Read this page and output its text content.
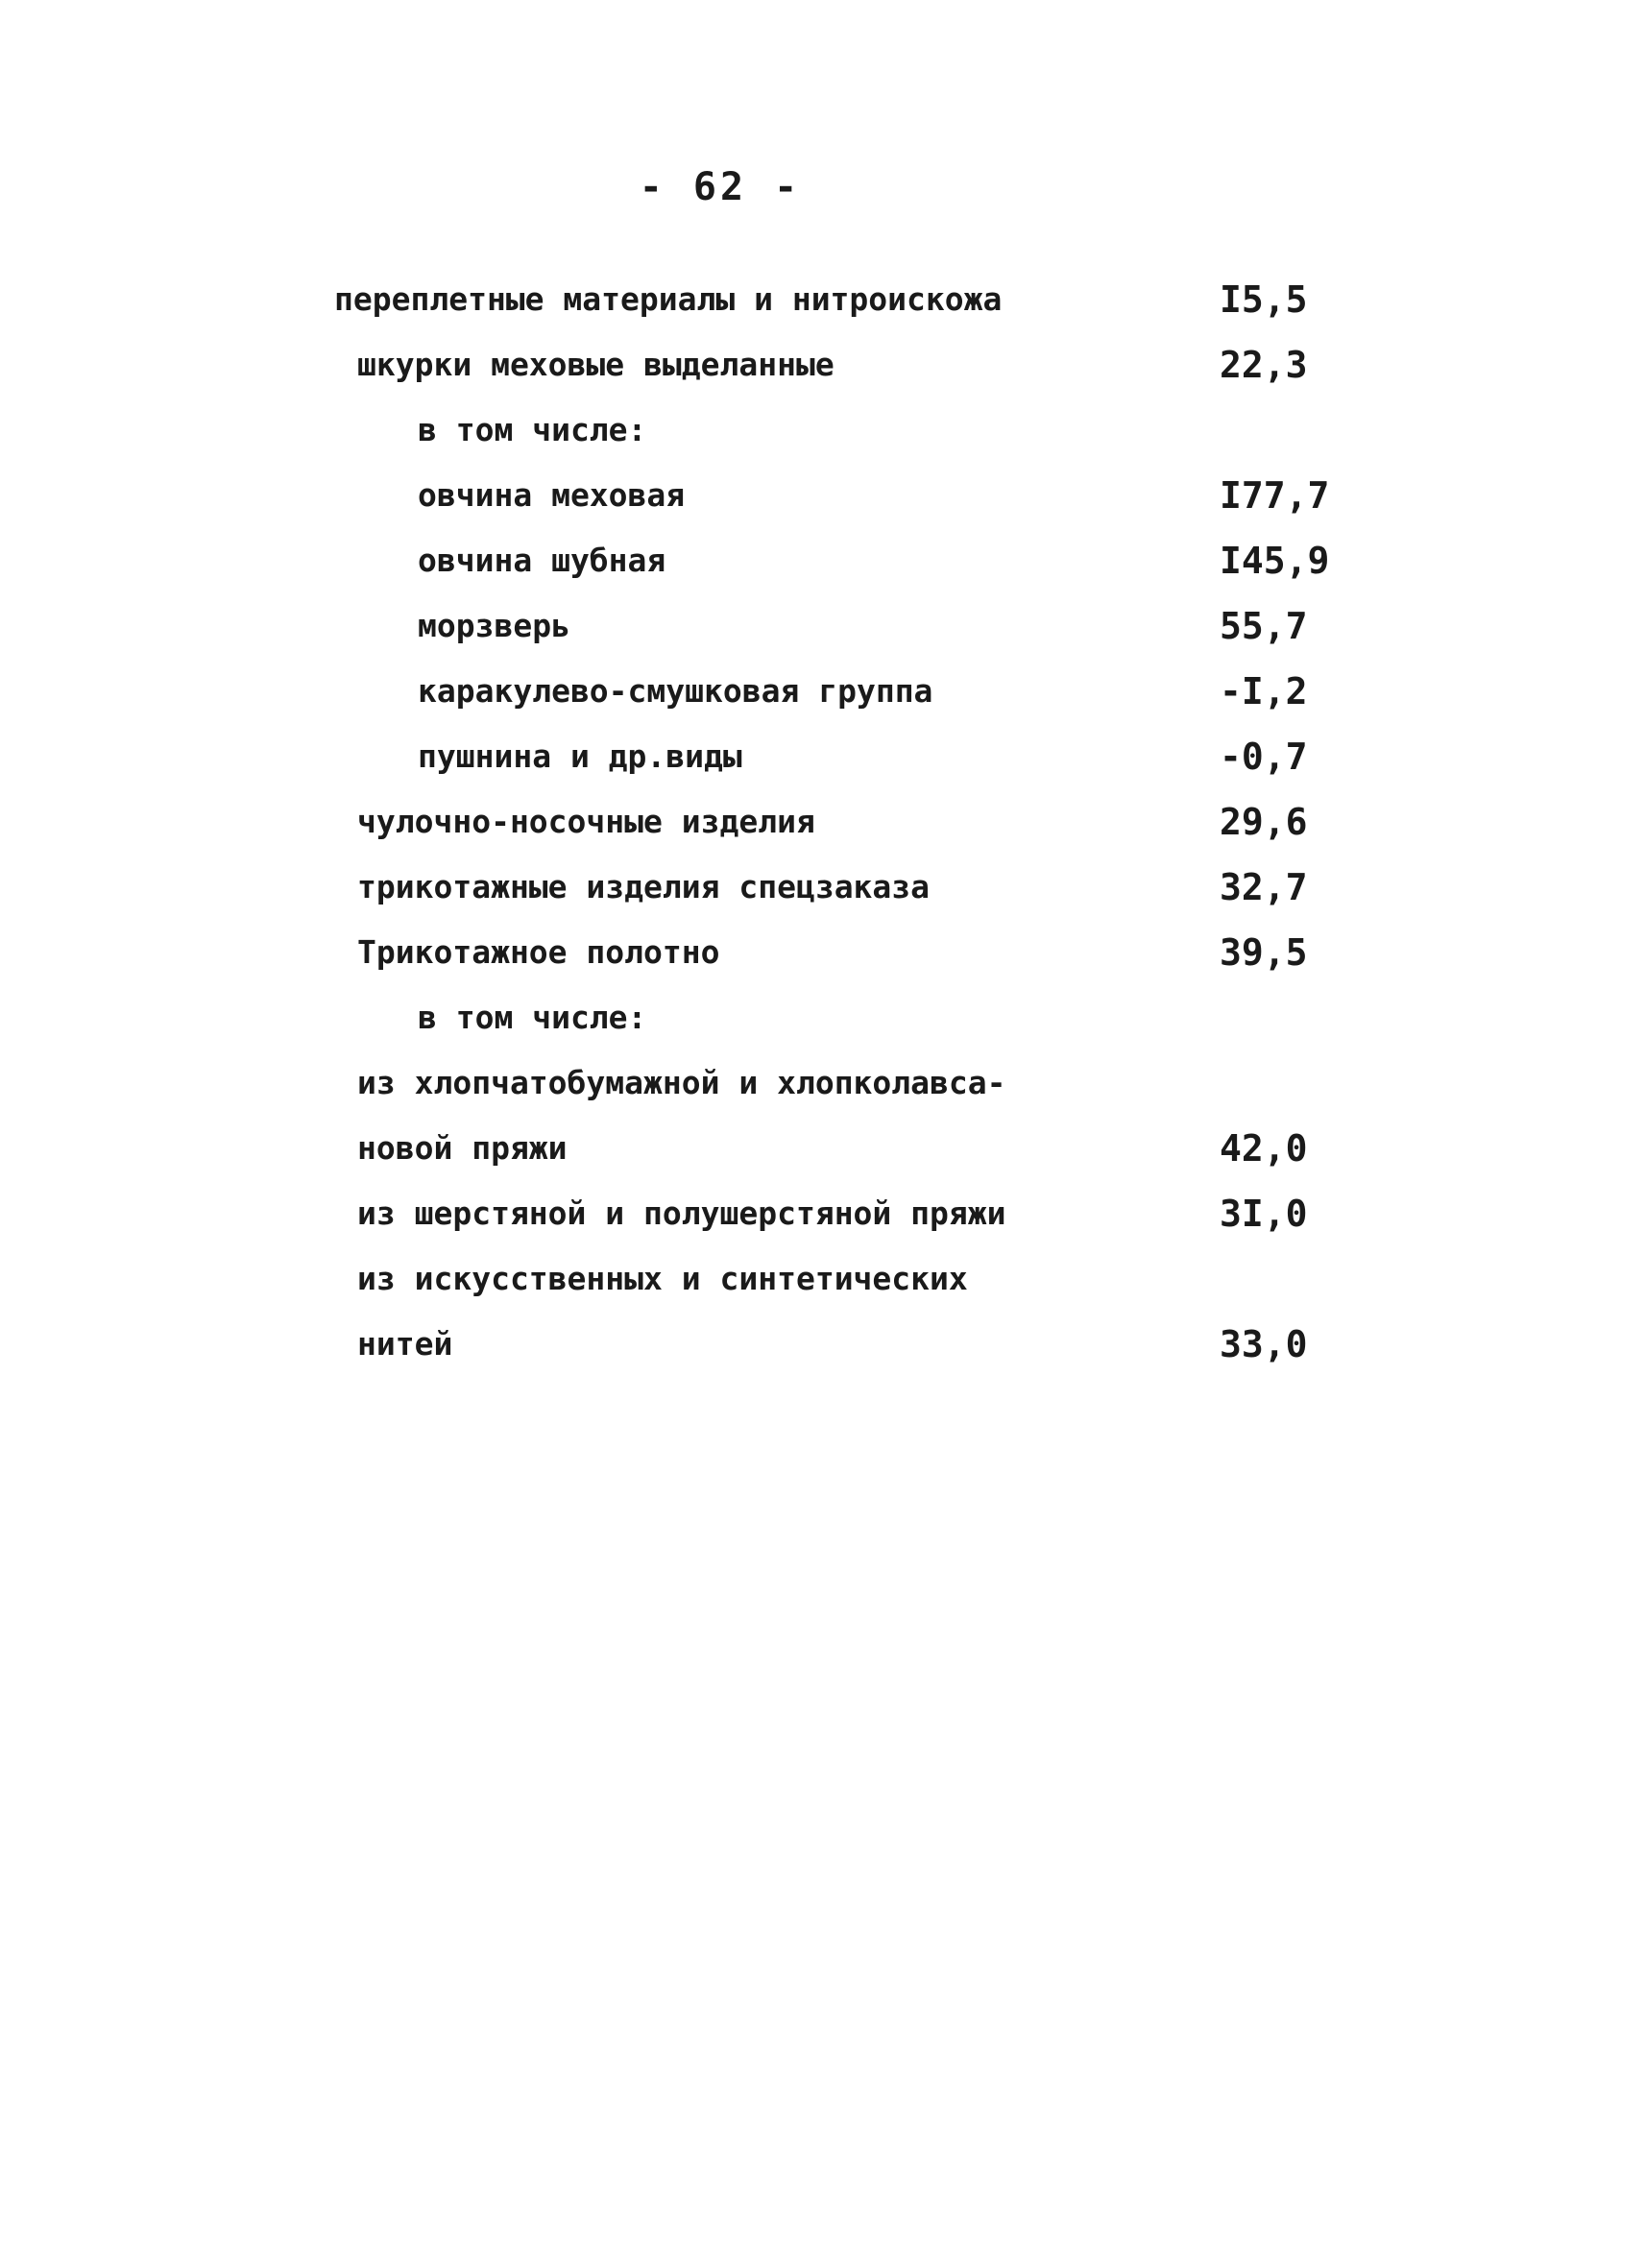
- 62 -
переплетные материалы и нитроискожа	I5,5
шкурки меховые выделанные	22,3
в том числе:
овчина меховая	I77,7
овчина шубная	I45,9
морзверь	55,7
каракулево-смушковая группа	-I,2
пушнина и др.виды	-0,7
чулочно-носочные изделия	29,6
трикотажные изделия спецзаказа	32,7
Трикотажное полотно	39,5
в том числе:
из хлопчатобумажной и хлопколавса-
новой пряжи	42,0
из шерстяной и полушерстяной пряжи	3I,0
из искусственных и синтетических
нитей	33,0
